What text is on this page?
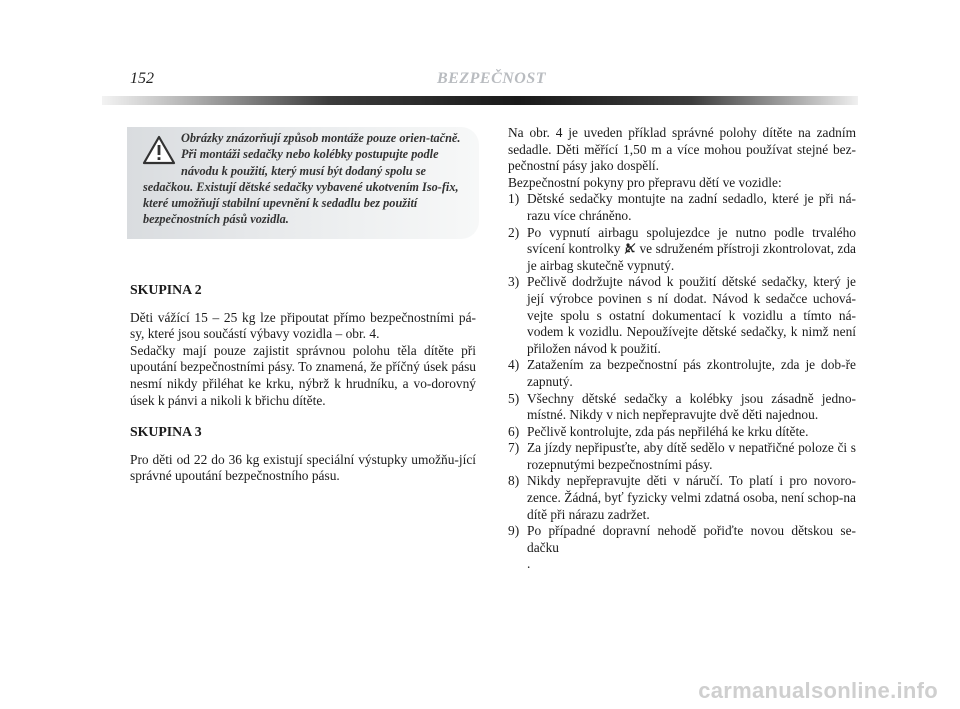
152	BEZPEČNOST
Obrázky znázorňují způsob montáže pouze orien-tačně. Při montáži sedačky nebo kolébky postupujte podle návodu k použití, který musí být dodaný spolu se sedačkou. Existují dětské sedačky vybavené ukotvením Iso-fix, které umožňují stabilní upevnění k sedadlu bez použití bezpečnostních pásů vozidla.
SKUPINA 2

Děti vážící 15 – 25 kg lze připoutat přímo bezpečnostními pá-sy, které jsou součástí výbavy vozidla – obr. 4.

Sedačky mají pouze zajistit správnou polohu těla dítěte při upoutání bezpečnostními pásy. To znamená, že příčný úsek pásu nesmí nikdy přiléhat ke krku, nýbrž k hrudníku, a vo-dorovný úsek k pánvi a nikoli k břichu dítěte.

SKUPINA 3

Pro děti od 22 do 36 kg existují speciální výstupky umožňu-jící správné upoutání bezpečnostního pásu.

Na obr. 4 je uveden příklad správné polohy dítěte na zadním sedadle. Děti měřící 1,50 m a více mohou používat stejné bez-pečnostní pásy jako dospělí.

Bezpečnostní pokyny pro přepravu dětí ve vozidle:

1) Dětské sedačky montujte na zadní sedadlo, které je při ná-razu více chráněno.
2) Po vypnutí airbagu spolujezdce je nutno podle trvalého svícení kontrolky ve sdruženém přístroji zkontrolovat, zda je airbag skutečně vypnutý.
3) Pečlivě dodržujte návod k použití dětské sedačky, který je její výrobce povinen s ní dodat. Návod k sedačce uchová-vejte spolu s ostatní dokumentací k vozidlu a tímto ná-vodem k vozidlu. Nepoužívejte dětské sedačky, k nimž není přiložen návod k použití.
4) Zatažením za bezpečnostní pás zkontrolujte, zda je dob-ře zapnutý.
5) Všechny dětské sedačky a kolébky jsou zásadně jedno-místné. Nikdy v nich nepřepravujte dvě děti najednou.
6) Pečlivě kontrolujte, zda pás nepřiléhá ke krku dítěte.
7) Za jízdy nepřipusťte, aby dítě sedělo v nepatřičné poloze či s rozepnutými bezpečnostními pásy.
8) Nikdy nepřepravujte děti v náručí. To platí i pro novoro-zence. Žádná, byť fyzicky velmi zdatná osoba, není schop-na dítě při nárazu zadržet.
9) Po případné dopravní nehodě pořiďte novou dětskou se-dačku
.
carmanualsonline.info
